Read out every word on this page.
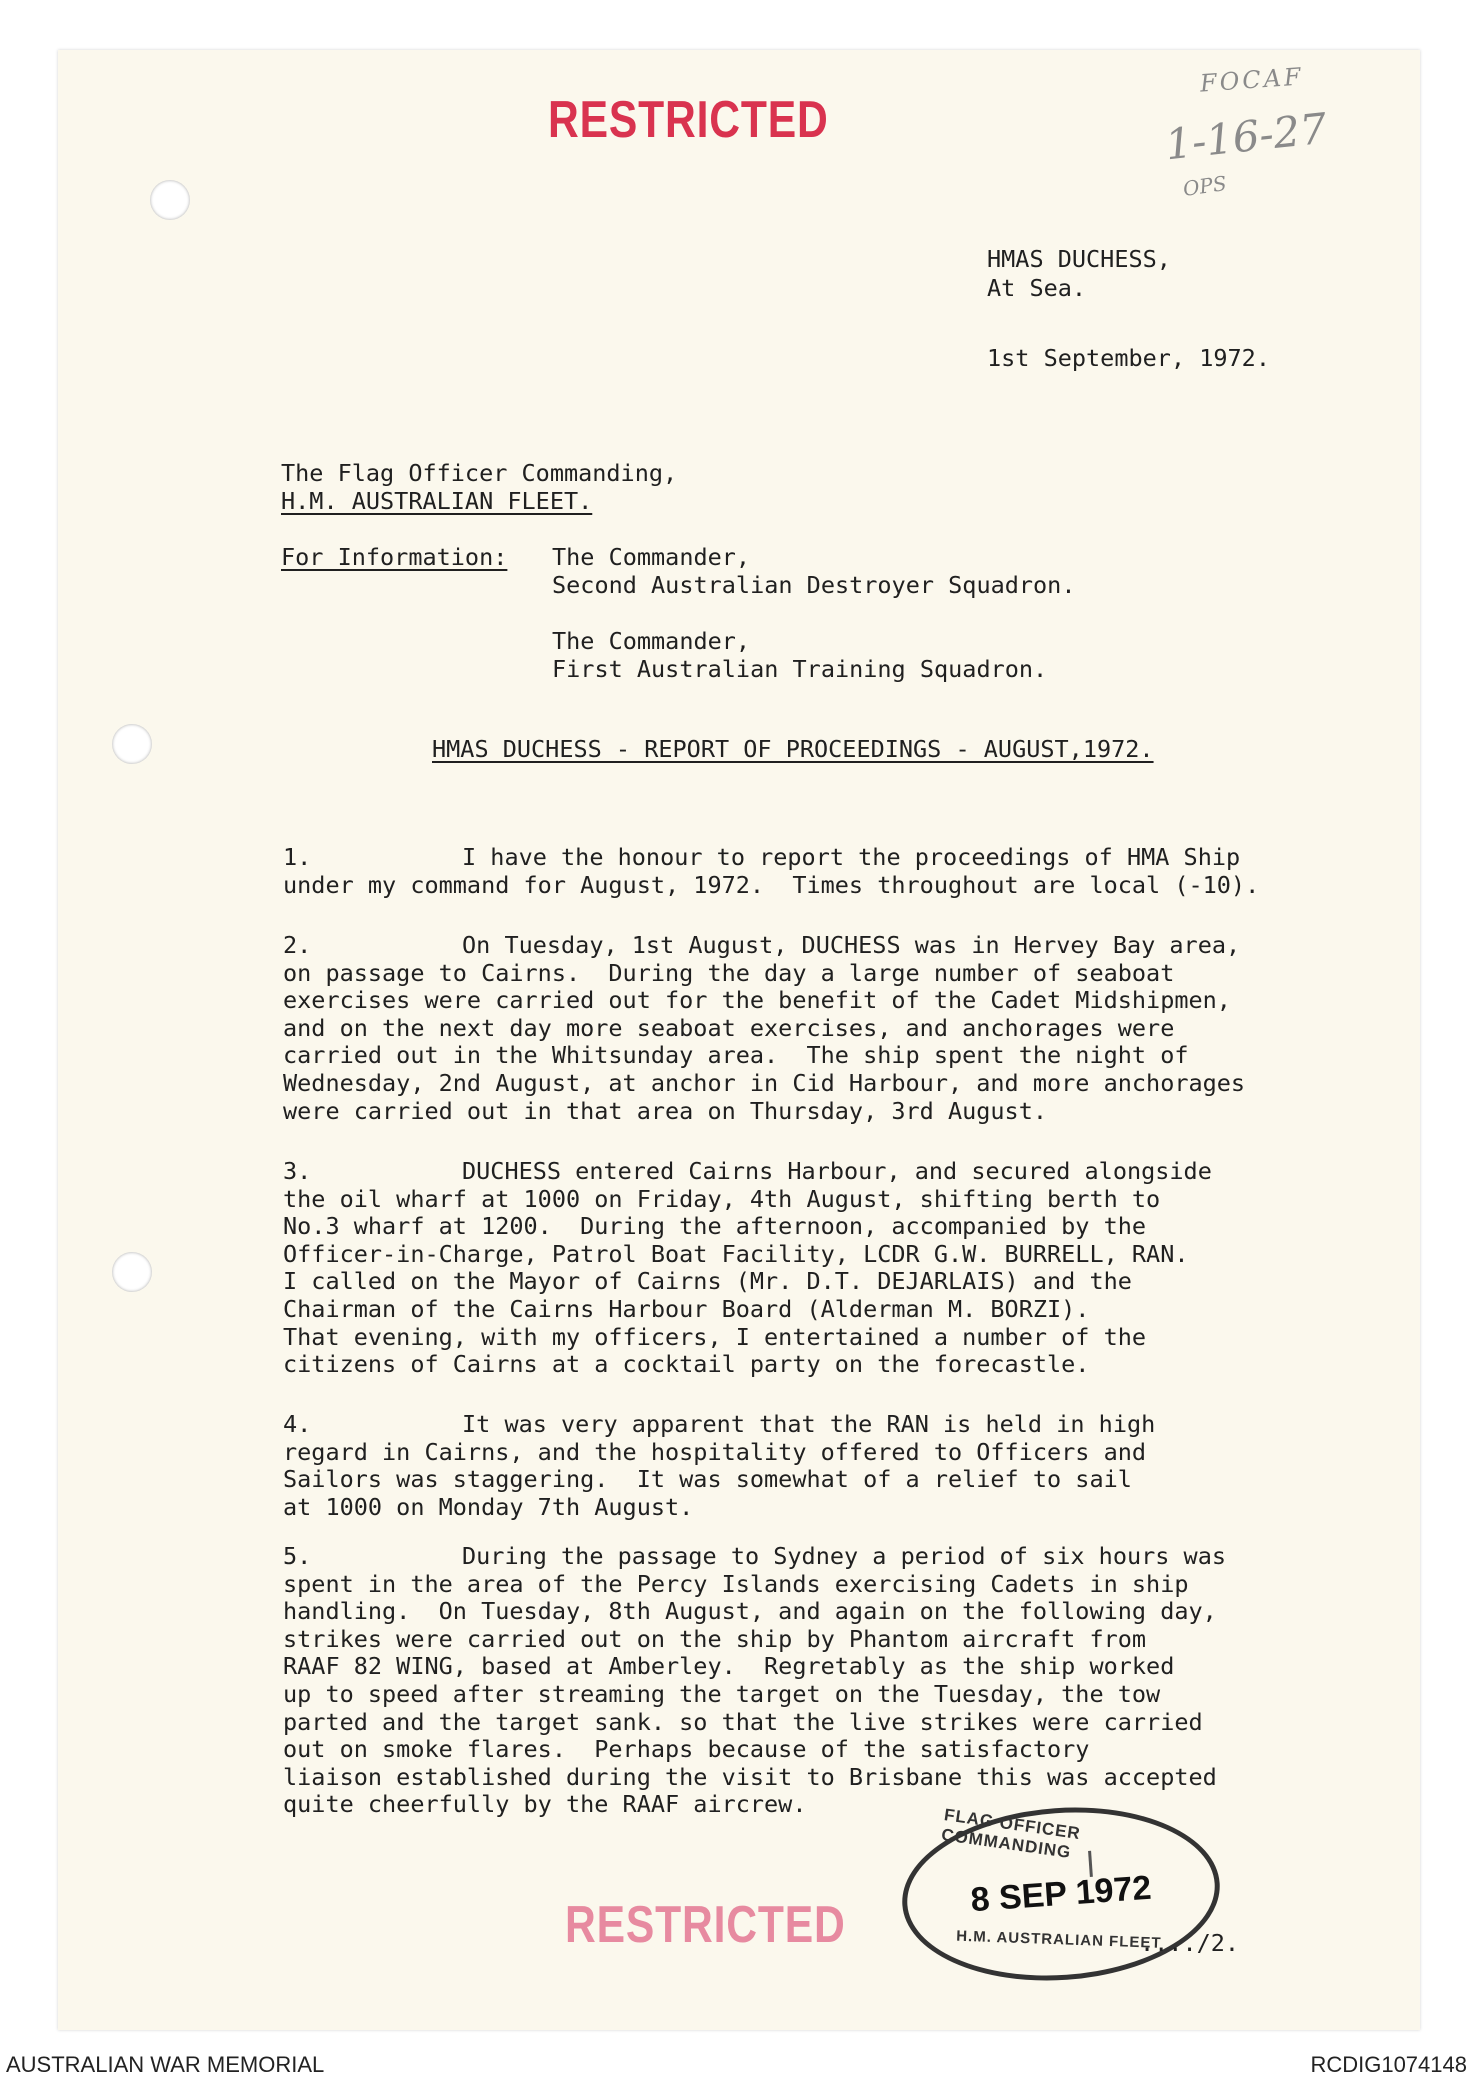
RESTRICTED
FOCAF
1-16-27
OPS
HMAS DUCHESS,
At Sea.
1st September, 1972.
The Flag Officer Commanding,
H.M. AUSTRALIAN FLEET.
For Information: The Commander,
Second Australian Destroyer Squadron.
The Commander,
First Australian Training Squadron.
HMAS DUCHESS - REPORT OF PROCEEDINGS - AUGUST,1972.
1.	I have the honour to report the proceedings of HMA Ship
under my command for August, 1972.  Times throughout are local (-10).
2.	On Tuesday, 1st August, DUCHESS was in Hervey Bay area,
on passage to Cairns.  During the day a large number of seaboat
exercises were carried out for the benefit of the Cadet Midshipmen,
and on the next day more seaboat exercises, and anchorages were
carried out in the Whitsunday area.  The ship spent the night of
Wednesday, 2nd August, at anchor in Cid Harbour, and more anchorages
were carried out in that area on Thursday, 3rd August.
3.	DUCHESS entered Cairns Harbour, and secured alongside
the oil wharf at 1000 on Friday, 4th August, shifting berth to
No.3 wharf at 1200.  During the afternoon, accompanied by the
Officer-in-Charge, Patrol Boat Facility, LCDR G.W. BURRELL, RAN.
I called on the Mayor of Cairns (Mr. D.T. DEJARLAIS) and the
Chairman of the Cairns Harbour Board (Alderman M. BORZI).
That evening, with my officers, I entertained a number of the
citizens of Cairns at a cocktail party on the forecastle.
4.	It was very apparent that the RAN is held in high
regard in Cairns, and the hospitality offered to Officers and
Sailors was staggering.  It was somewhat of a relief to sail
at 1000 on Monday 7th August.
5.	During the passage to Sydney a period of six hours was
spent in the area of the Percy Islands exercising Cadets in ship
handling.  On Tuesday, 8th August, and again on the following day,
strikes were carried out on the ship by Phantom aircraft from
RAAF 82 WING, based at Amberley.  Regretably as the ship worked
up to speed after streaming the target on the Tuesday, the tow
parted and the target sank. so that the live strikes were carried
out on smoke flares.  Perhaps because of the satisfactory
liaison established during the visit to Brisbane this was accepted
quite cheerfully by the RAAF aircrew.
FLAG OFFICER COMMANDING
8 SEP 1972
H.M. AUSTRALIAN FLEET
..../2.
RESTRICTED
AUSTRALIAN WAR MEMORIAL	RCDIG1074148
